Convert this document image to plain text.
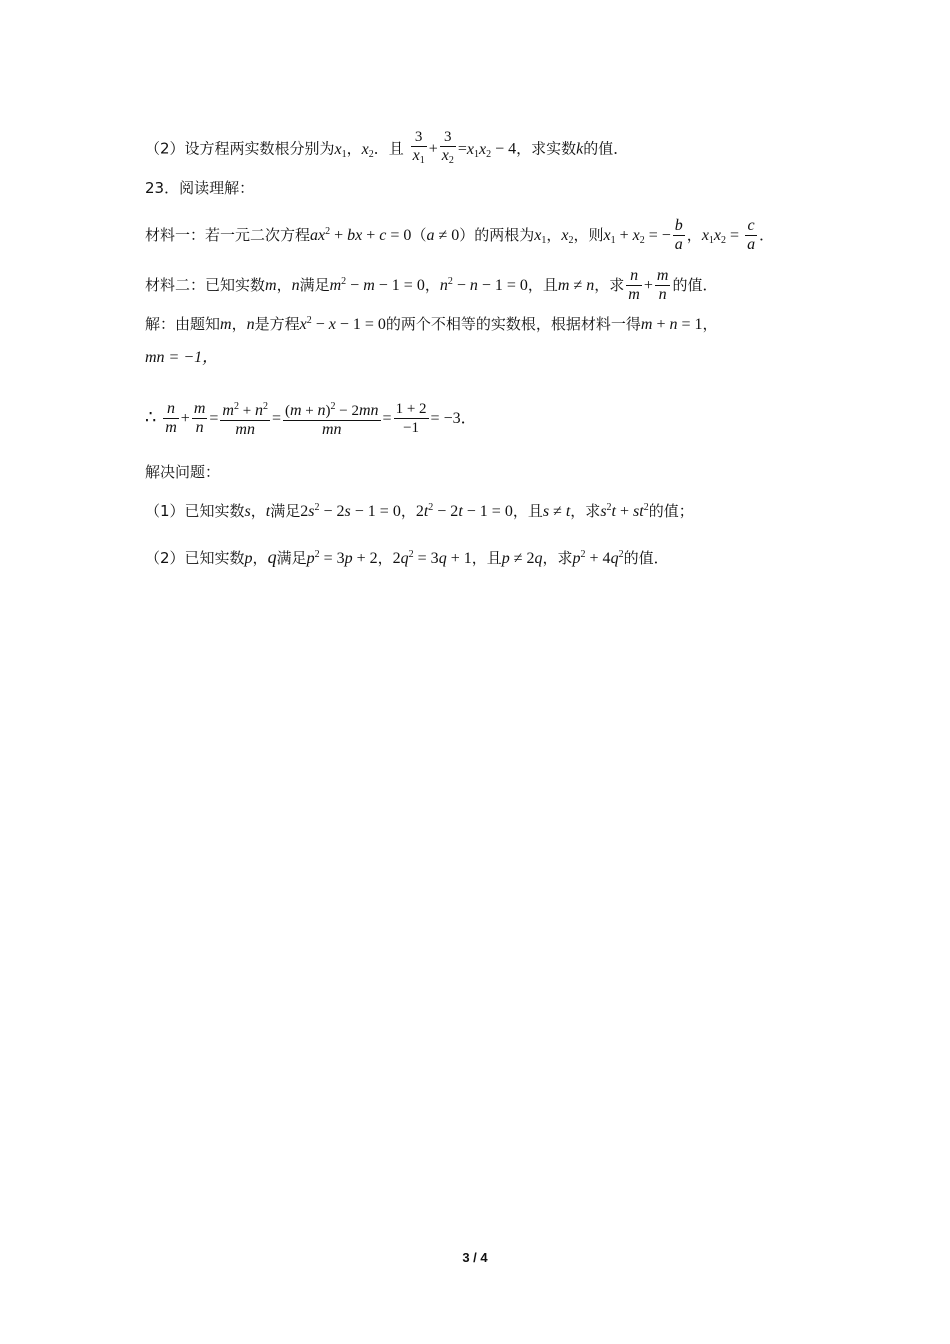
（2）设方程两实数根分别为$x_1$，$x_2$．且 $\frac{3}{x_1} + \frac{3}{x_2} =x_1x_2 - 4$，求实数k的值．
23．阅读理解：
材料一：若一元二次方程$ax^2$ + bx + c = 0（a ≠ 0）的两根为$x_1$，$x_2$，则$x_1 + x_2$ = − $\frac{b}{a}$ ，$x_1x_2 = \frac{c}{a}$ ．
材料二：已知实数m，n满足$m^2 - m - 1 = 0$，$n^2 - n - 1 = 0$，且m ≠ n，求 $\frac{n}{m} + \frac{m}{n}$ 的值．
解：由题知m，n是方程$x^2 - x - 1 = 0$的两个不相等的实数根，根据材料一得m + n = 1，
mn = −1，
∴ $\frac{n}{m} + \frac{m}{n} = \frac{m^2 + n^2}{mn} = \frac{(m + n)^2 - 2mn}{mn} = \frac{1 + 2}{-1} = -3$．
解决问题：
（1）已知实数s，t满足$2s^2 - 2s - 1 = 0$，$2t^2 - 2t - 1 = 0$，且s ≠ t，求$s^2t + st^2$的值；
（2）已知实数p，q满足$p^2 = 3p + 2$，$2q^2 = 3q + 1$，且p ≠ 2q，求$p^2 + 4q^2$的值．
3 / 4
